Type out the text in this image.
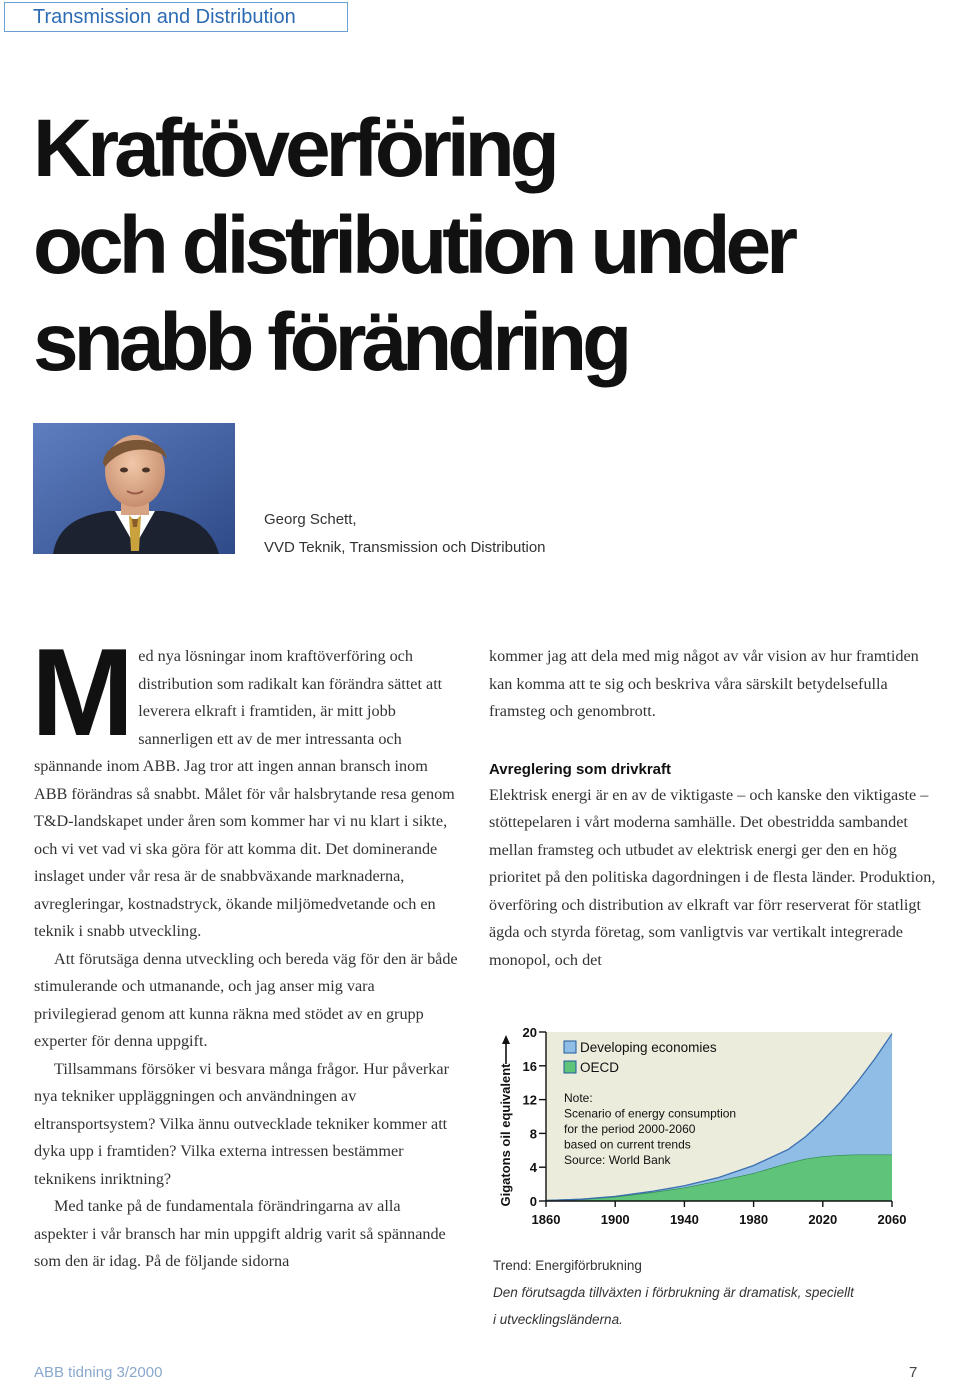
Transmission and Distribution
Kraftöverföring
och distribution under
snabb förändring
Georg Schett,
VVD Teknik, Transmission och Distribution

Med nya lösningar inom kraftöverföring och distribution som radikalt kan förändra sättet att leverera elkraft i framtiden, är mitt jobb sannerligen ett av de mer intressanta och spännande inom ABB. Jag tror att ingen annan bransch inom ABB förändras så snabbt. Målet för vår halsbrytande resa genom T&D-landskapet under åren som kommer har vi nu klart i sikte, och vi vet vad vi ska göra för att komma dit. Det dominerande inslaget under vår resa är de snabbväxande marknaderna, avregleringar, kostnadstryck, ökande miljömedvetande och en teknik i snabb utveckling.

Att förutsäga denna utveckling och bereda väg för den är både stimulerande och utmanande, och jag anser mig vara privilegierad genom att kunna räkna med stödet av en grupp experter för denna uppgift.

Tillsammans försöker vi besvara många frågor. Hur påverkar nya tekniker uppläggningen och användningen av eltransportsystem? Vilka ännu outvecklade tekniker kommer att dyka upp i framtiden? Vilka externa intressen bestämmer teknikens inriktning?

Med tanke på de fundamentala förändringarna av alla aspekter i vår bransch har min uppgift aldrig varit så spännande som den är idag. På de följande sidorna

kommer jag att dela med mig något av vår vision av hur framtiden kan komma att te sig och beskriva våra särskilt betydelsefulla framsteg och genombrott.

Avreglering som drivkraft

Elektrisk energi är en av de viktigaste – och kanske den viktigaste – stöttepelaren i vårt moderna samhälle. Det obestridda sambandet mellan framsteg och utbudet av elektrisk energi ger den en hög prioritet på den politiska dagordningen i de flesta länder. Produktion, överföring och distribution av elkraft var förr reserverat för statligt ägda och styrda företag, som vanligtvis var vertikalt integrerade monopol, och det

0
4
8
12
16
20
1860	1900	1940	1980	2020	2060
Gigatons oil equivalent
Developing economies
OECD
Note:
Scenario of energy consumption
for the period 2000-2060
based on current trends
Source: World Bank
Trend: Energiförbrukning
Den förutsagda tillväxten i förbrukning är dramatisk, speciellt
i utvecklingsländerna.
ABB tidning 3/2000	7
